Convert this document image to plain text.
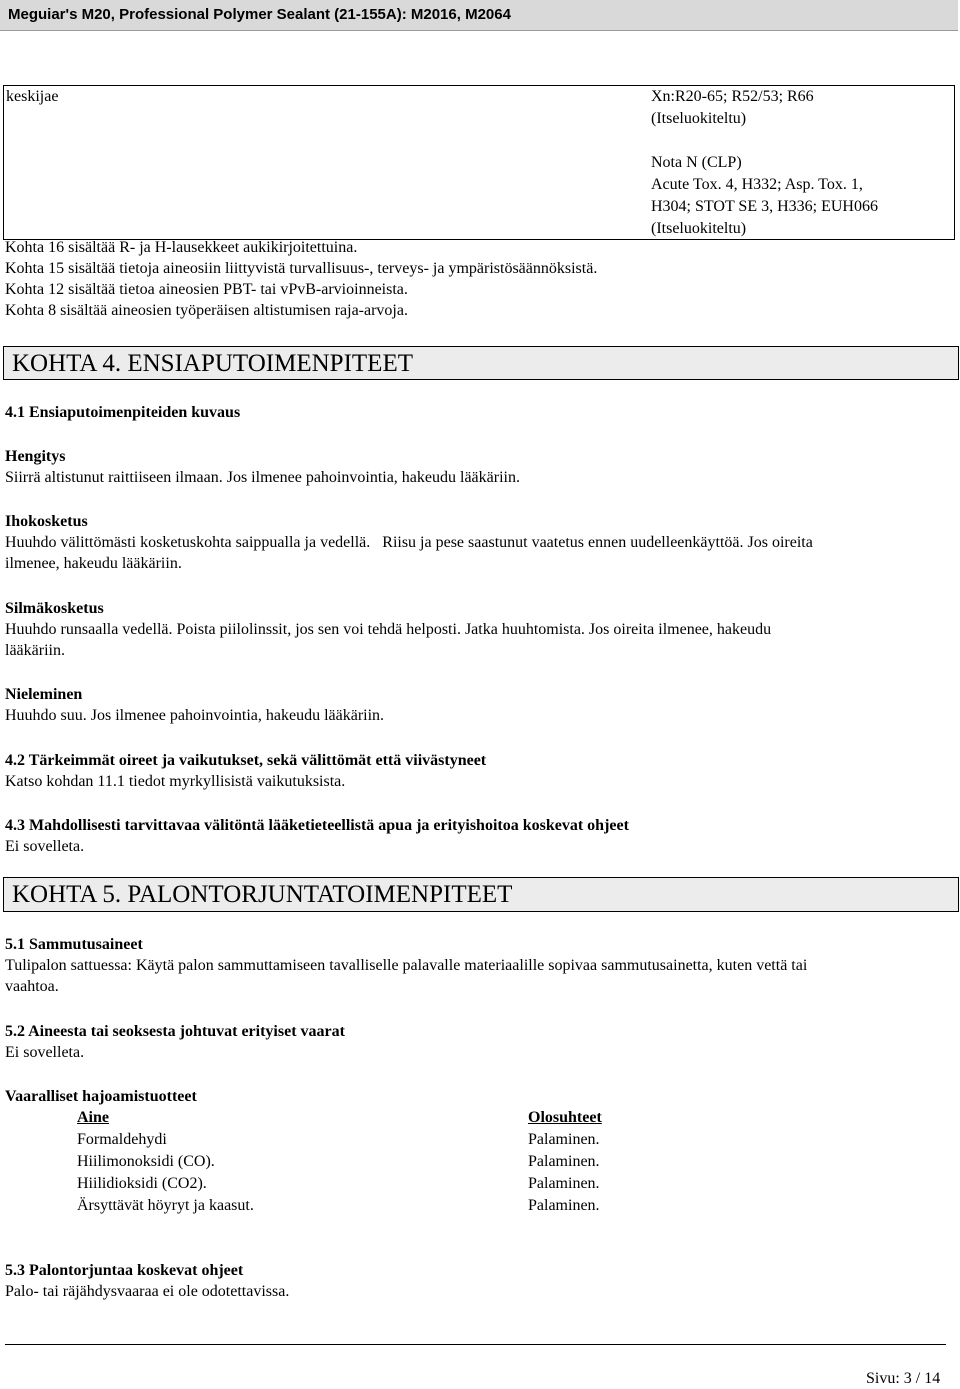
Meguiar's M20, Professional Polymer Sealant (21-155A): M2016, M2064
keskijae	Xn:R20-65; R52/53; R66
(Itseluokiteltu)

Nota N (CLP)
Acute Tox. 4, H332; Asp. Tox. 1,
H304; STOT SE 3, H336; EUH066
(Itseluokiteltu)
Kohta 16 sisältää R- ja H-lausekkeet aukikirjoitettuina.
Kohta 15 sisältää tietoja aineosiin liittyvistä turvallisuus-, terveys- ja ympäristösäännöksistä.
Kohta 12 sisältää tietoa aineosien PBT- tai vPvB-arvioinneista.
Kohta 8 sisältää aineosien työperäisen altistumisen raja-arvoja.
KOHTA 4. ENSIAPUTOIMENPITEET
4.1 Ensiaputoimenpiteiden kuvaus
Hengitys
Siirrä altistunut raittiiseen ilmaan. Jos ilmenee pahoinvointia, hakeudu lääkäriin.
Ihokosketus
Huuhdo välittömästi kosketuskohta saippualla ja vedellä. Riisu ja pese saastunut vaatetus ennen uudelleenkäyttöä. Jos oireita
ilmenee, hakeudu lääkäriin.
Silmäkosketus
Huuhdo runsaalla vedellä. Poista piilolinssit, jos sen voi tehdä helposti. Jatka huuhtomista. Jos oireita ilmenee, hakeudu
lääkäriin.
Nieleminen
Huuhdo suu. Jos ilmenee pahoinvointia, hakeudu lääkäriin.
4.2 Tärkeimmät oireet ja vaikutukset, sekä välittömät että viivästyneet
Katso kohdan 11.1 tiedot myrkyllisistä vaikutuksista.
4.3 Mahdollisesti tarvittavaa välitöntä lääketieteellistä apua ja erityishoitoa koskevat ohjeet
Ei sovelleta.
KOHTA 5. PALONTORJUNTATOIMENPITEET
5.1 Sammutusaineet
Tulipalon sattuessa: Käytä palon sammuttamiseen tavalliselle palavalle materiaalille sopivaa sammutusainetta, kuten vettä tai
vaahtoa.
5.2 Aineesta tai seoksesta johtuvat erityiset vaarat
Ei sovelleta.
Vaaralliset hajoamistuotteet
Aine
Formaldehydi
Hiilimonoksidi (CO).
Hiilidioksidi (CO2).
Ärsyttävät höyryt ja kaasut.
Olosuhteet
Palaminen.
Palaminen.
Palaminen.
Palaminen.
5.3 Palontorjuntaa koskevat ohjeet
Palo- tai räjähdysvaaraa ei ole odotettavissa.
Sivu: 3 / 14
